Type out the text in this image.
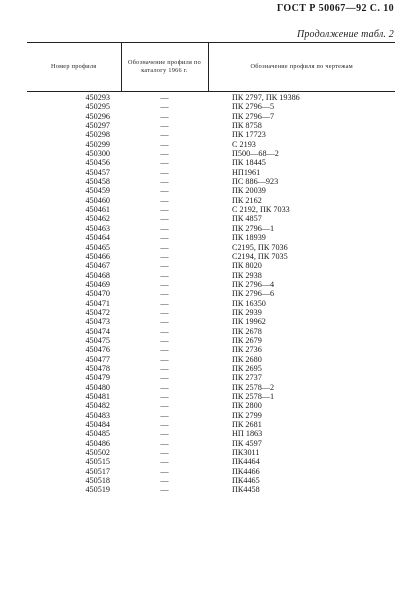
ГОСТ Р 50067—92 С. 10
Продолжение табл. 2
Номер профиля	Обозначение профиля по каталогу 1966 г.	Обозначение профиля по чертежам
450293	—	ПК 2797, ПК 19386
450295	—	ПК 2796—5
450296	—	ПК 2796—7
450297	—	ПК 8758
450298	—	ПК 17723
450299	—	С 2193
450300	—	П500—68—2
450456	—	ПК 18445
450457	—	НП1961
450458	—	ПС 886—923
450459	—	ПК 20039
450460	—	ПК 2162
450461	—	С 2192, ПК 7033
450462	—	ПК 4857
450463	—	ПК 2796—1
450464	—	ПК 18939
450465	—	С2195, ПК 7036
450466	—	С2194, ПК 7035
450467	—	ПК 8020
450468	—	ПК 2938
450469	—	ПК 2796—4
450470	—	ПК 2796—6
450471	—	ПК 16350
450472	—	ПК 2939
450473	—	ПК 19962
450474	—	ПК 2678
450475	—	ПК 2679
450476	—	ПК 2736
450477	—	ПК 2680
450478	—	ПК 2695
450479	—	ПК 2737
450480	—	ПК 2578—2
450481	—	ПК 2578—1
450482	—	ПК 2800
450483	—	ПК 2799
450484	—	ПК 2681
450485	—	НП 1863
450486	—	ПК 4597
450502	—	ПК3011
450515	—	ПК4464
450517	—	ПК4466
450518	—	ПК4465
450519	—	ПК4458
